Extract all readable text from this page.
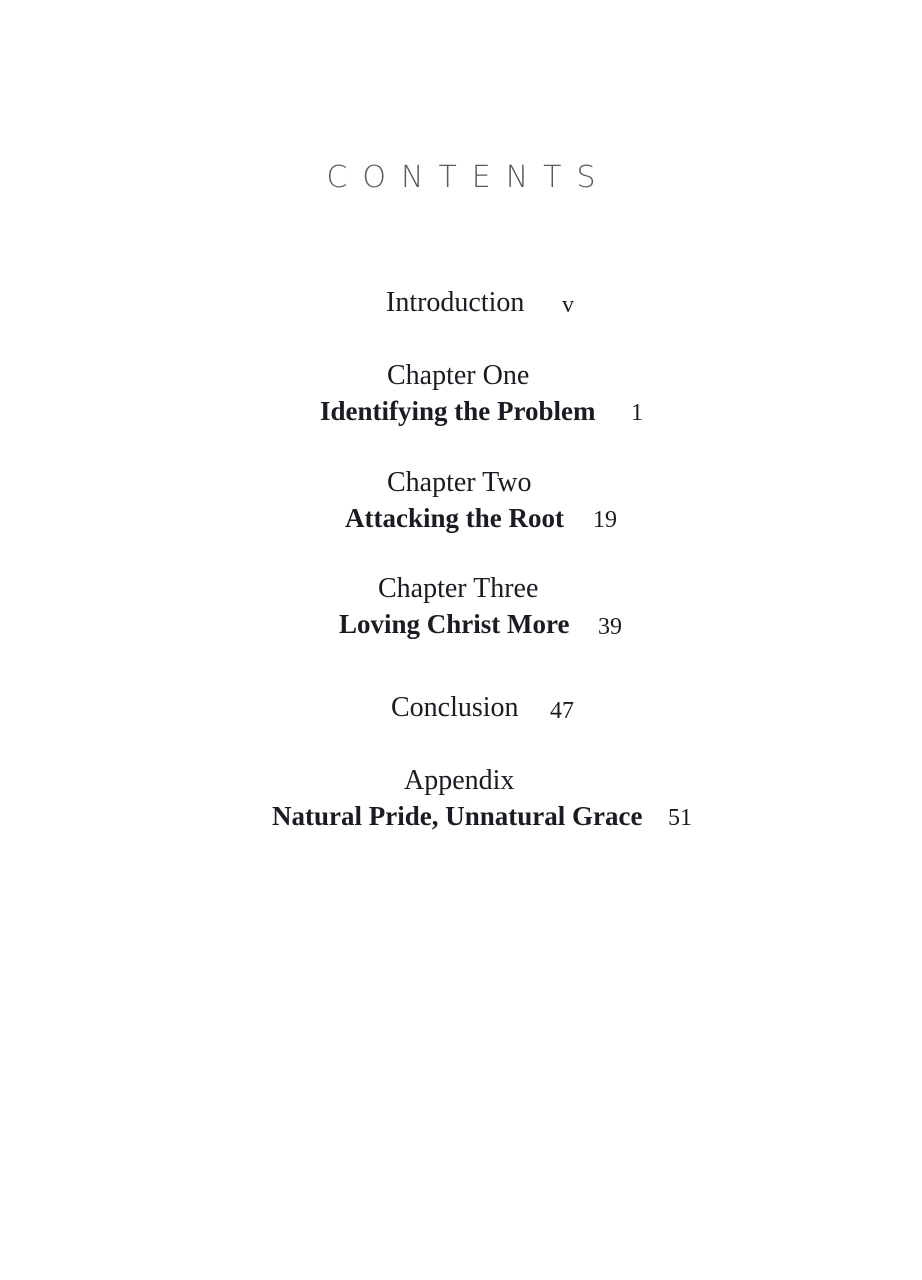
CONTENTS
Introduction v
Chapter One
Identifying the Problem 1
Chapter Two
Attacking the Root 19
Chapter Three
Loving Christ More 39
Conclusion 47
Appendix
Natural Pride, Unnatural Grace 51
